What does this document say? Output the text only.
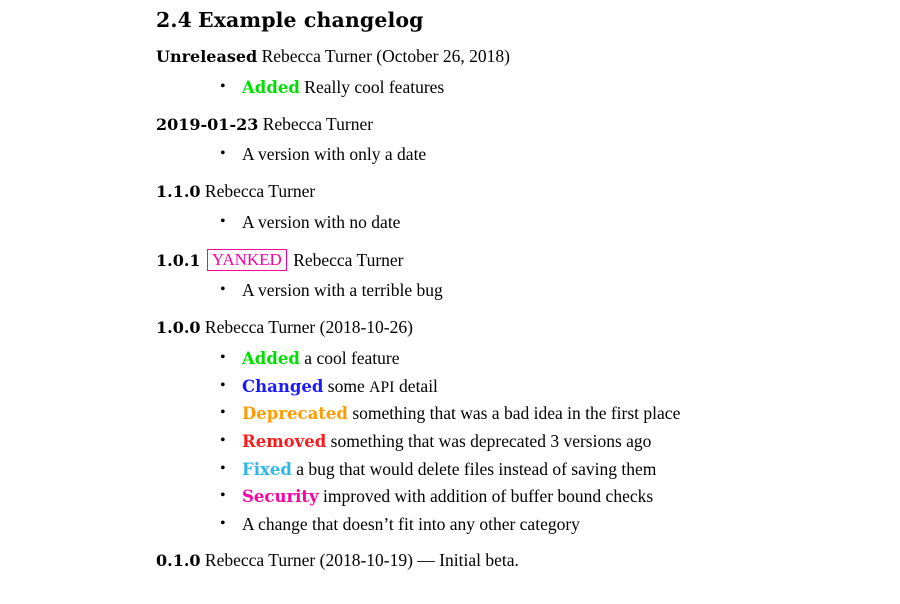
2.4 Example changelog
Unreleased Rebecca Turner (October 26, 2018)
• Added Really cool features
2019-01-23 Rebecca Turner
• A version with only a date
1.1.0 Rebecca Turner
• A version with no date
1.0.1 YANKED Rebecca Turner
• A version with a terrible bug
1.0.0 Rebecca Turner (2018-10-26)
• Added a cool feature
• Changed some API detail
• Deprecated something that was a bad idea in the first place
• Removed something that was deprecated 3 versions ago
• Fixed a bug that would delete files instead of saving them
• Security improved with addition of buffer bound checks
• A change that doesn’t fit into any other category
0.1.0 Rebecca Turner (2018-10-19) — Initial beta.
